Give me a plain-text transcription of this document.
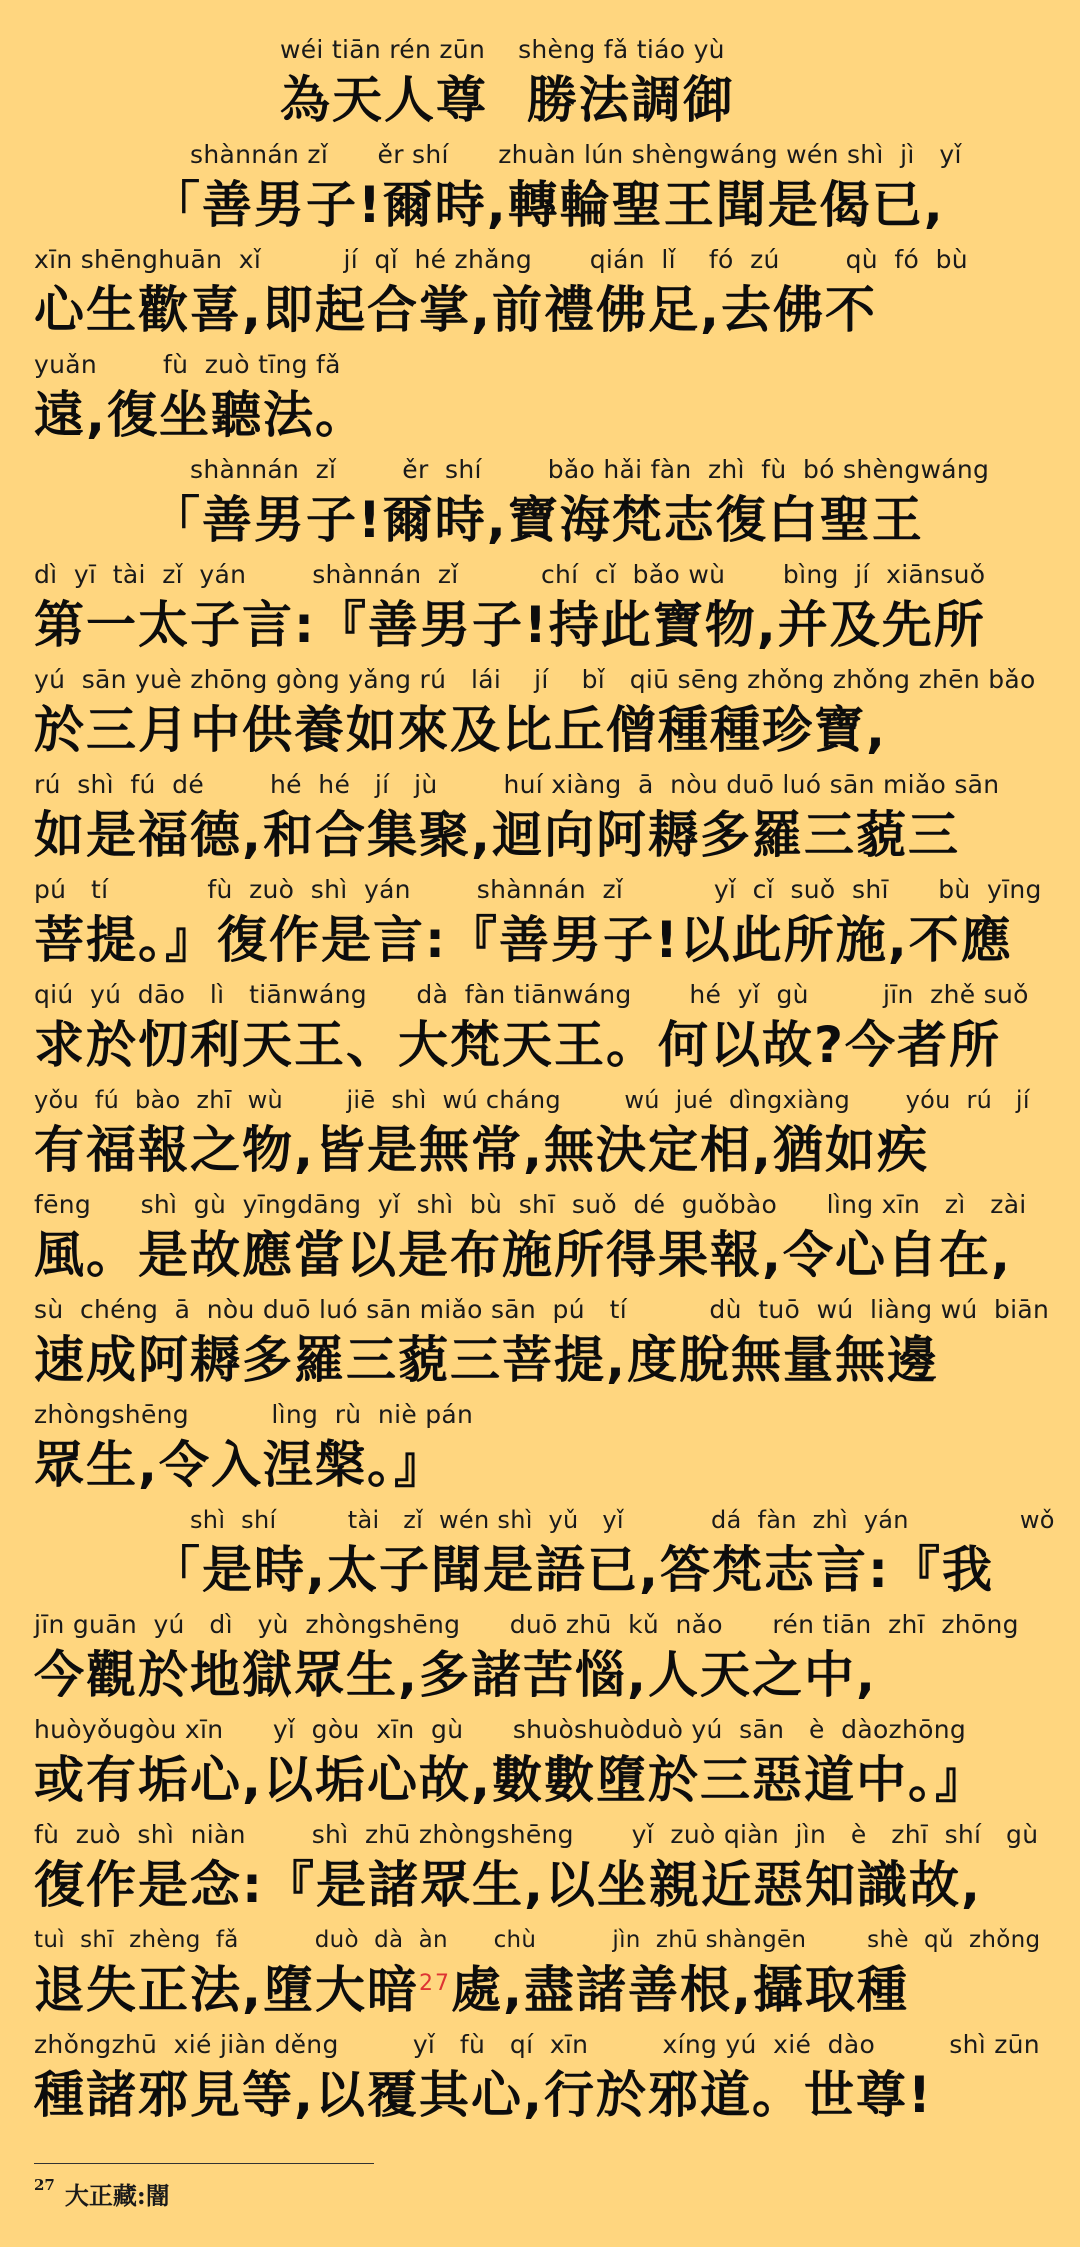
wéi tiān rén zūn    shèng fǎ tiáo yù
為天人尊  勝法調御
shànnán zǐ      ěr shí      zhuàn lún shèngwáng wén shì  jì   yǐ
「善男子!爾時,轉輪聖王聞是偈已,
xīn shēnghuān  xǐ          jí  qǐ  hé zhǎng       qián  lǐ    fó  zú        qù  fó  bù
心生歡喜,即起合掌,前禮佛足,去佛不
yuǎn        fù  zuò tīng fǎ
遠,復坐聽法。
shànnán  zǐ        ěr  shí        bǎo hǎi fàn  zhì  fù  bó shèngwáng
「善男子!爾時,寶海梵志復白聖王
dì  yī  tài  zǐ  yán        shànnán  zǐ          chí  cǐ  bǎo wù       bìng  jí  xiānsuǒ
第一太子言:『善男子!持此寶物,并及先所
yú  sān yuè zhōng gòng yǎng rú   lái    jí    bǐ   qiū sēng zhǒng zhǒng zhēn bǎo
於三月中供養如來及比丘僧種種珍寶,
rú  shì  fú  dé        hé  hé   jí   jù        huí xiàng  ā  nòu duō luó sān miǎo sān
如是福德,和合集聚,迴向阿耨多羅三藐三
pú   tí            fù  zuò  shì  yán        shànnán  zǐ           yǐ  cǐ  suǒ  shī      bù  yīng
菩提。』復作是言:『善男子!以此所施,不應
qiú  yú  dāo   lì   tiānwáng      dà  fàn tiānwáng       hé  yǐ  gù         jīn  zhě suǒ
求於忉利天王、大梵天王。何以故?今者所
yǒu  fú  bào  zhī  wù        jiē  shì  wú cháng        wú  jué  dìngxiàng       yóu  rú   jí
有福報之物,皆是無常,無決定相,猶如疾
fēng      shì  gù  yīngdāng  yǐ  shì  bù  shī  suǒ  dé  guǒbào      lìng xīn   zì   zài
風。是故應當以是布施所得果報,令心自在,
sù  chéng  ā  nòu duō luó sān miǎo sān  pú   tí          dù  tuō  wú  liàng wú  biān
速成阿耨多羅三藐三菩提,度脫無量無邊
zhòngshēng          lìng  rù  niè pán
眾生,令入涅槃。』
shì  shí         tài   zǐ  wén shì  yǔ   yǐ           dá  fàn  zhì  yán              wǒ
「是時,太子聞是語已,答梵志言:『我
jīn guān  yú   dì   yù  zhòngshēng      duō zhū  kǔ  nǎo      rén tiān  zhī  zhōng
今觀於地獄眾生,多諸苦惱,人天之中,
huòyǒugòu xīn      yǐ  gòu  xīn  gù      shuòshuòduò yú  sān   è  dàozhōng
或有垢心,以垢心故,數數墮於三惡道中。』
fù  zuò  shì  niàn        shì  zhū zhòngshēng       yǐ  zuò qiàn  jìn   è   zhī  shí   gù
復作是念:『是諸眾生,以坐親近惡知識故,
tuì  shī  zhèng  fǎ          duò  dà  àn      chù          jìn  zhū shàngēn        shè  qǔ  zhǒng
退失正法,墮大暗$^{27}$處,盡諸善根,攝取種
zhǒngzhū  xié jiàn děng         yǐ   fù   qí  xīn         xíng yú  xié  dào         shì zūn
種諸邪見等,以覆其心,行於邪道。世尊!
$^{27}$ 大正藏:闇
